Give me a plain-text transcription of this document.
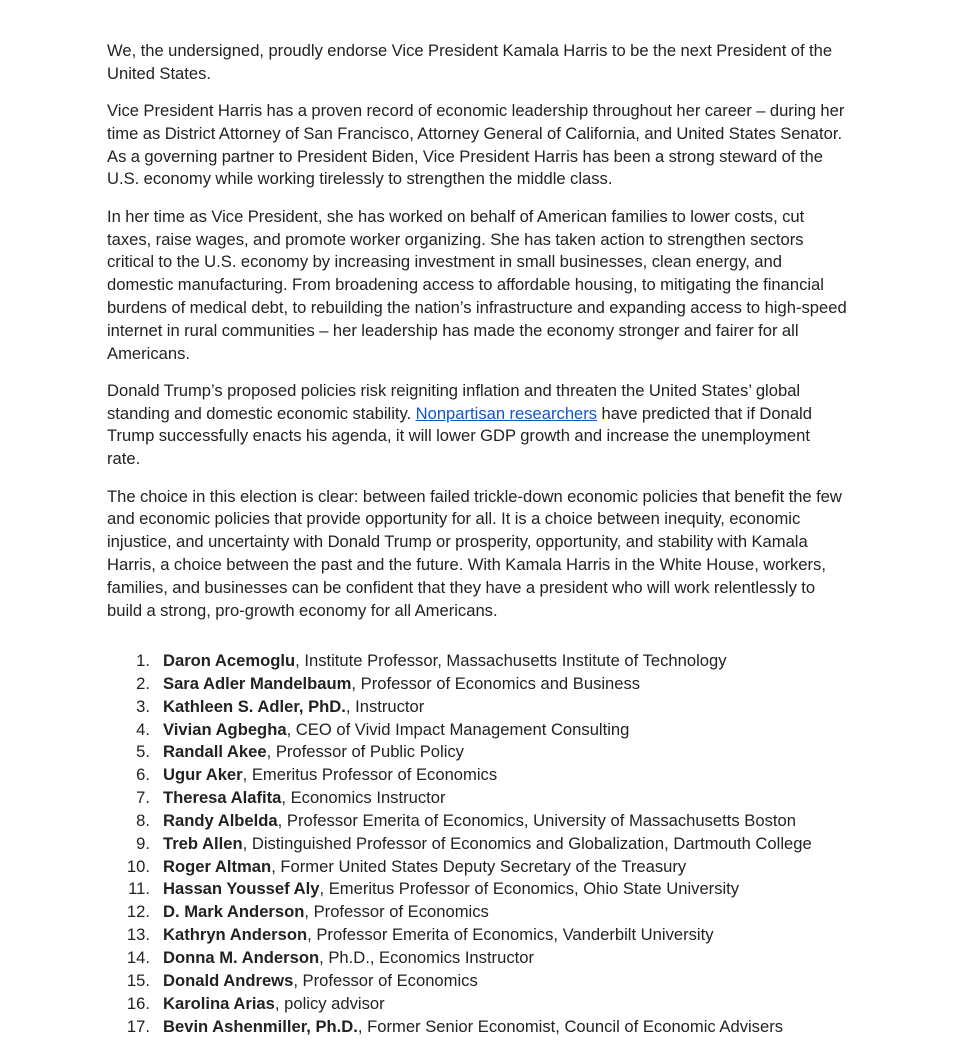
We, the undersigned, proudly endorse Vice President Kamala Harris to be the next President of the United States.

Vice President Harris has a proven record of economic leadership throughout her career – during her time as District Attorney of San Francisco, Attorney General of California, and United States Senator. As a governing partner to President Biden, Vice President Harris has been a strong steward of the U.S. economy while working tirelessly to strengthen the middle class.

In her time as Vice President, she has worked on behalf of American families to lower costs, cut taxes, raise wages, and promote worker organizing. She has taken action to strengthen sectors critical to the U.S. economy by increasing investment in small businesses, clean energy, and domestic manufacturing. From broadening access to affordable housing, to mitigating the financial burdens of medical debt, to rebuilding the nation’s infrastructure and expanding access to high-speed internet in rural communities – her leadership has made the economy stronger and fairer for all Americans.

Donald Trump’s proposed policies risk reigniting inflation and threaten the United States’ global standing and domestic economic stability. Nonpartisan researchers have predicted that if Donald Trump successfully enacts his agenda, it will lower GDP growth and increase the unemployment rate.

The choice in this election is clear: between failed trickle-down economic policies that benefit the few and economic policies that provide opportunity for all. It is a choice between inequity, economic injustice, and uncertainty with Donald Trump or prosperity, opportunity, and stability with Kamala Harris, a choice between the past and the future. With Kamala Harris in the White House, workers, families, and businesses can be confident that they have a president who will work relentlessly to build a strong, pro-growth economy for all Americans.

1. Daron Acemoglu, Institute Professor, Massachusetts Institute of Technology
2. Sara Adler Mandelbaum, Professor of Economics and Business
3. Kathleen S. Adler, PhD., Instructor
4. Vivian Agbegha, CEO of Vivid Impact Management Consulting
5. Randall Akee, Professor of Public Policy
6. Ugur Aker, Emeritus Professor of Economics
7. Theresa Alafita, Economics Instructor
8. Randy Albelda, Professor Emerita of Economics, University of Massachusetts Boston
9. Treb Allen, Distinguished Professor of Economics and Globalization, Dartmouth College
10. Roger Altman, Former United States Deputy Secretary of the Treasury
11. Hassan Youssef Aly, Emeritus Professor of Economics, Ohio State University
12. D. Mark Anderson, Professor of Economics
13. Kathryn Anderson, Professor Emerita of Economics, Vanderbilt University
14. Donna M. Anderson, Ph.D., Economics Instructor
15. Donald Andrews, Professor of Economics
16. Karolina Arias, policy advisor
17. Bevin Ashenmiller, Ph.D., Former Senior Economist, Council of Economic Advisers
